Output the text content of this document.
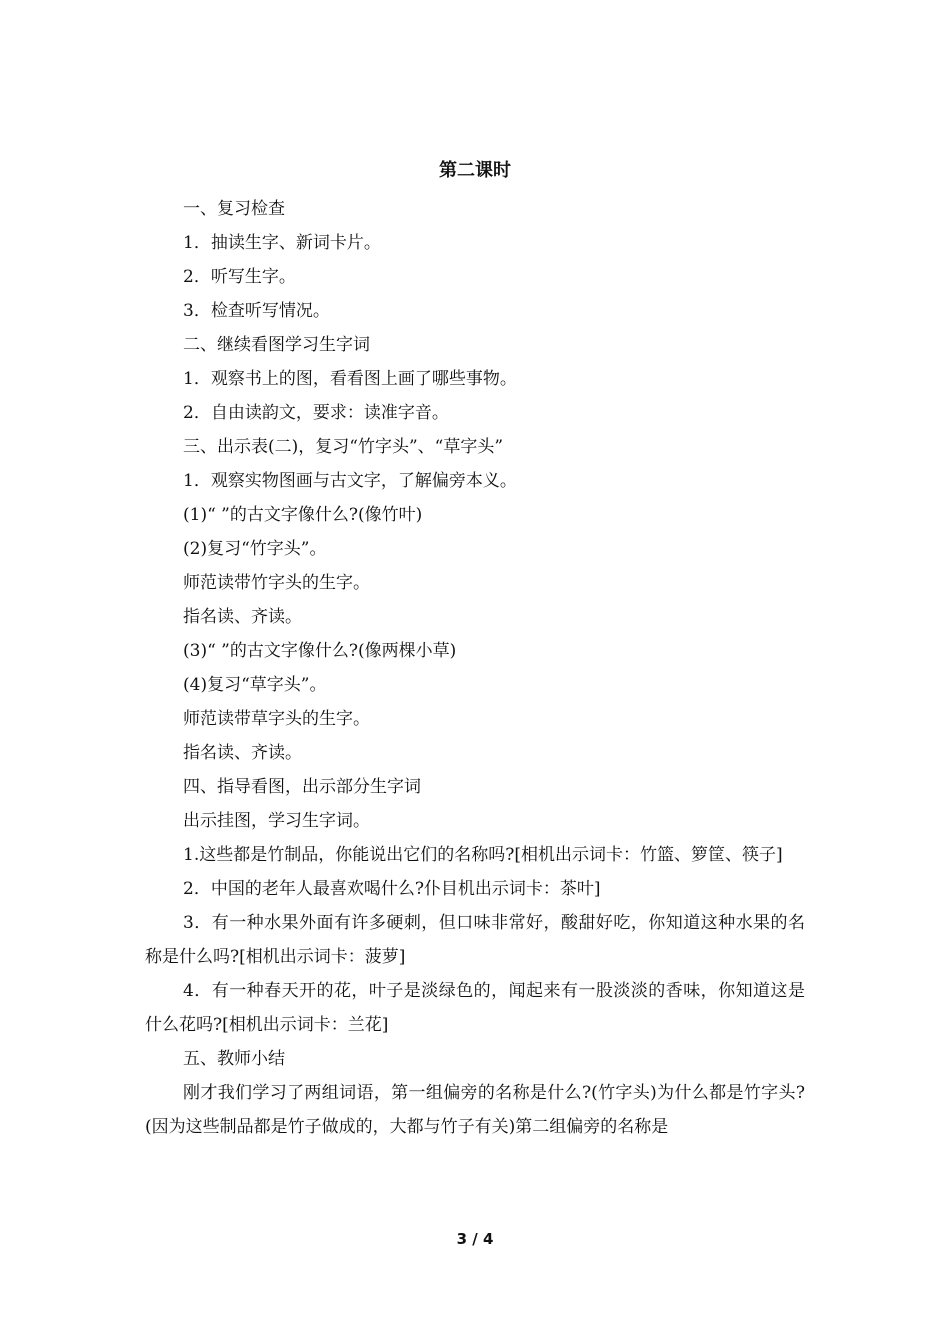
第二课时

一、复习检查

1．抽读生字、新词卡片。

2．听写生字。

3．检查听写情况。

二、继续看图学习生字词

1．观察书上的图，看看图上画了哪些事物。

2．自由读韵文，要求：读准字音。

三、出示表(二)，复习“竹字头”、“草字头”

1．观察实物图画与古文字，了解偏旁本义。

(1)“ ”的古文字像什么?(像竹叶)

(2)复习“竹字头”。

师范读带竹字头的生字。

指名读、齐读。

(3)“ ”的古文字像什么?(像两棵小草)

(4)复习“草字头”。

师范读带草字头的生字。

指名读、齐读。

四、指导看图，出示部分生字词

出示挂图，学习生字词。

1.这些都是竹制品，你能说出它们的名称吗?[相机出示词卡：竹篮、箩筐、筷子]

2．中国的老年人最喜欢喝什么?仆目机出示词卡：茶叶]

3．有一种水果外面有许多硬刺，但口味非常好，酸甜好吃，你知道这种水果的名称是什么吗?[相机出示词卡：菠萝]

4．有一种春天开的花，叶子是淡绿色的，闻起来有一股淡淡的香味，你知道这是什么花吗?[相机出示词卡：兰花]

五、教师小结

刚才我们学习了两组词语，第一组偏旁的名称是什么?(竹字头)为什么都是竹字头?(因为这些制品都是竹子做成的，大都与竹子有关)第二组偏旁的名称是

3 / 4
